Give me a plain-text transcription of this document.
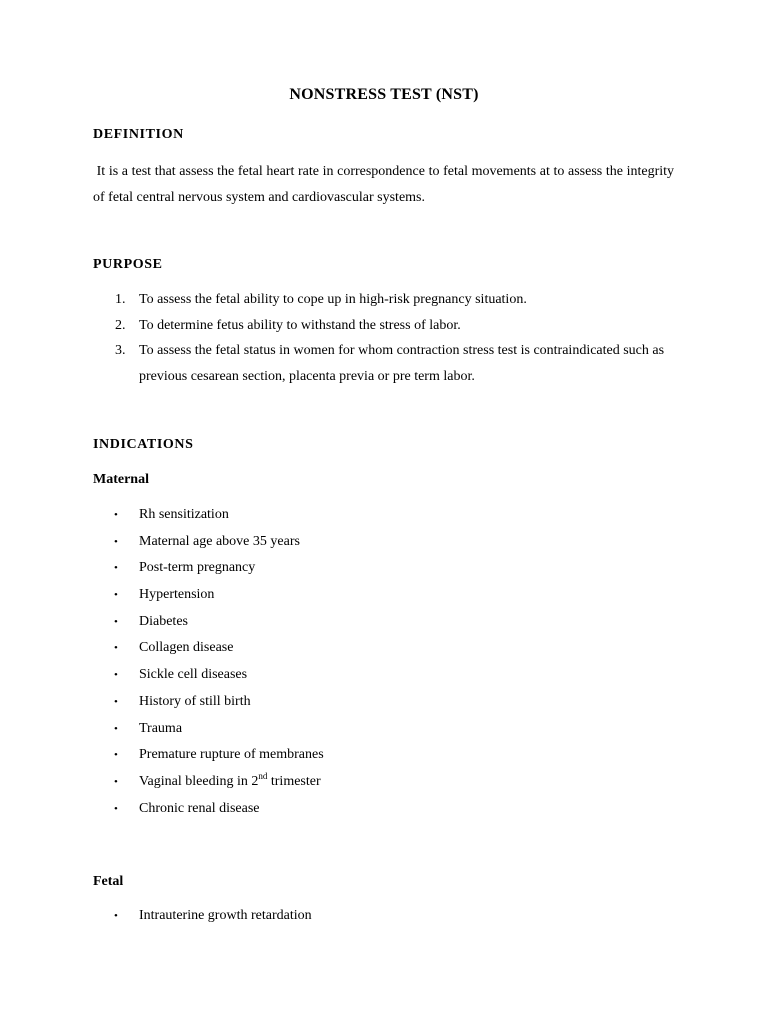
NONSTRESS TEST (NST)
DEFINITION
It is a test that assess the fetal heart rate in correspondence to fetal movements at to assess the integrity of fetal central nervous system and cardiovascular systems.
PURPOSE
1. To assess the fetal ability to cope up in high-risk pregnancy situation.
2. To determine fetus ability to withstand the stress of labor.
3. To assess the fetal status in women for whom contraction stress test is contraindicated such as previous cesarean section, placenta previa or pre term labor.
INDICATIONS
Maternal
• Rh sensitization
• Maternal age above 35 years
• Post-term pregnancy
• Hypertension
• Diabetes
• Collagen disease
• Sickle cell diseases
• History of still birth
• Trauma
• Premature rupture of membranes
• Vaginal bleeding in 2nd trimester
• Chronic renal disease
Fetal
• Intrauterine growth retardation
